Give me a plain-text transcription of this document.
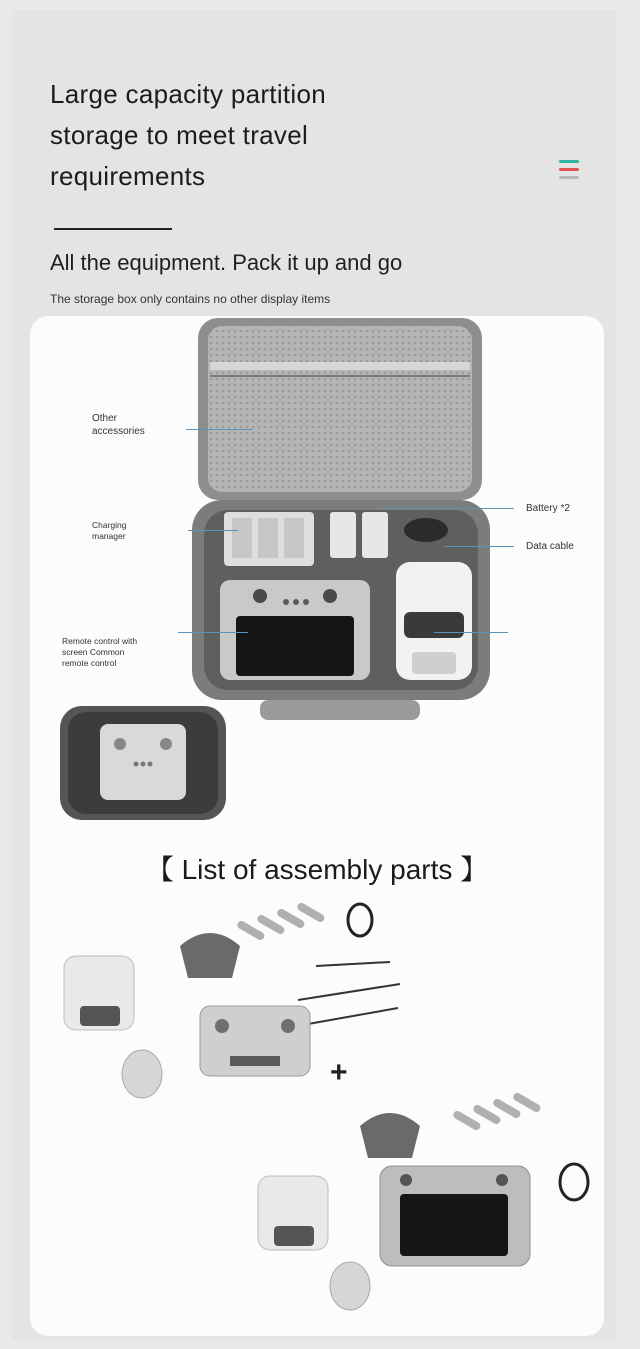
Large capacity partition
storage to meet travel
requirements
All the equipment. Pack it up and go
The storage box only contains no other display items
Other
accessories
Charging
manager
Remote control with
screen Common
remote control
Battery *2
Data cable
【 List of assembly parts 】
+
